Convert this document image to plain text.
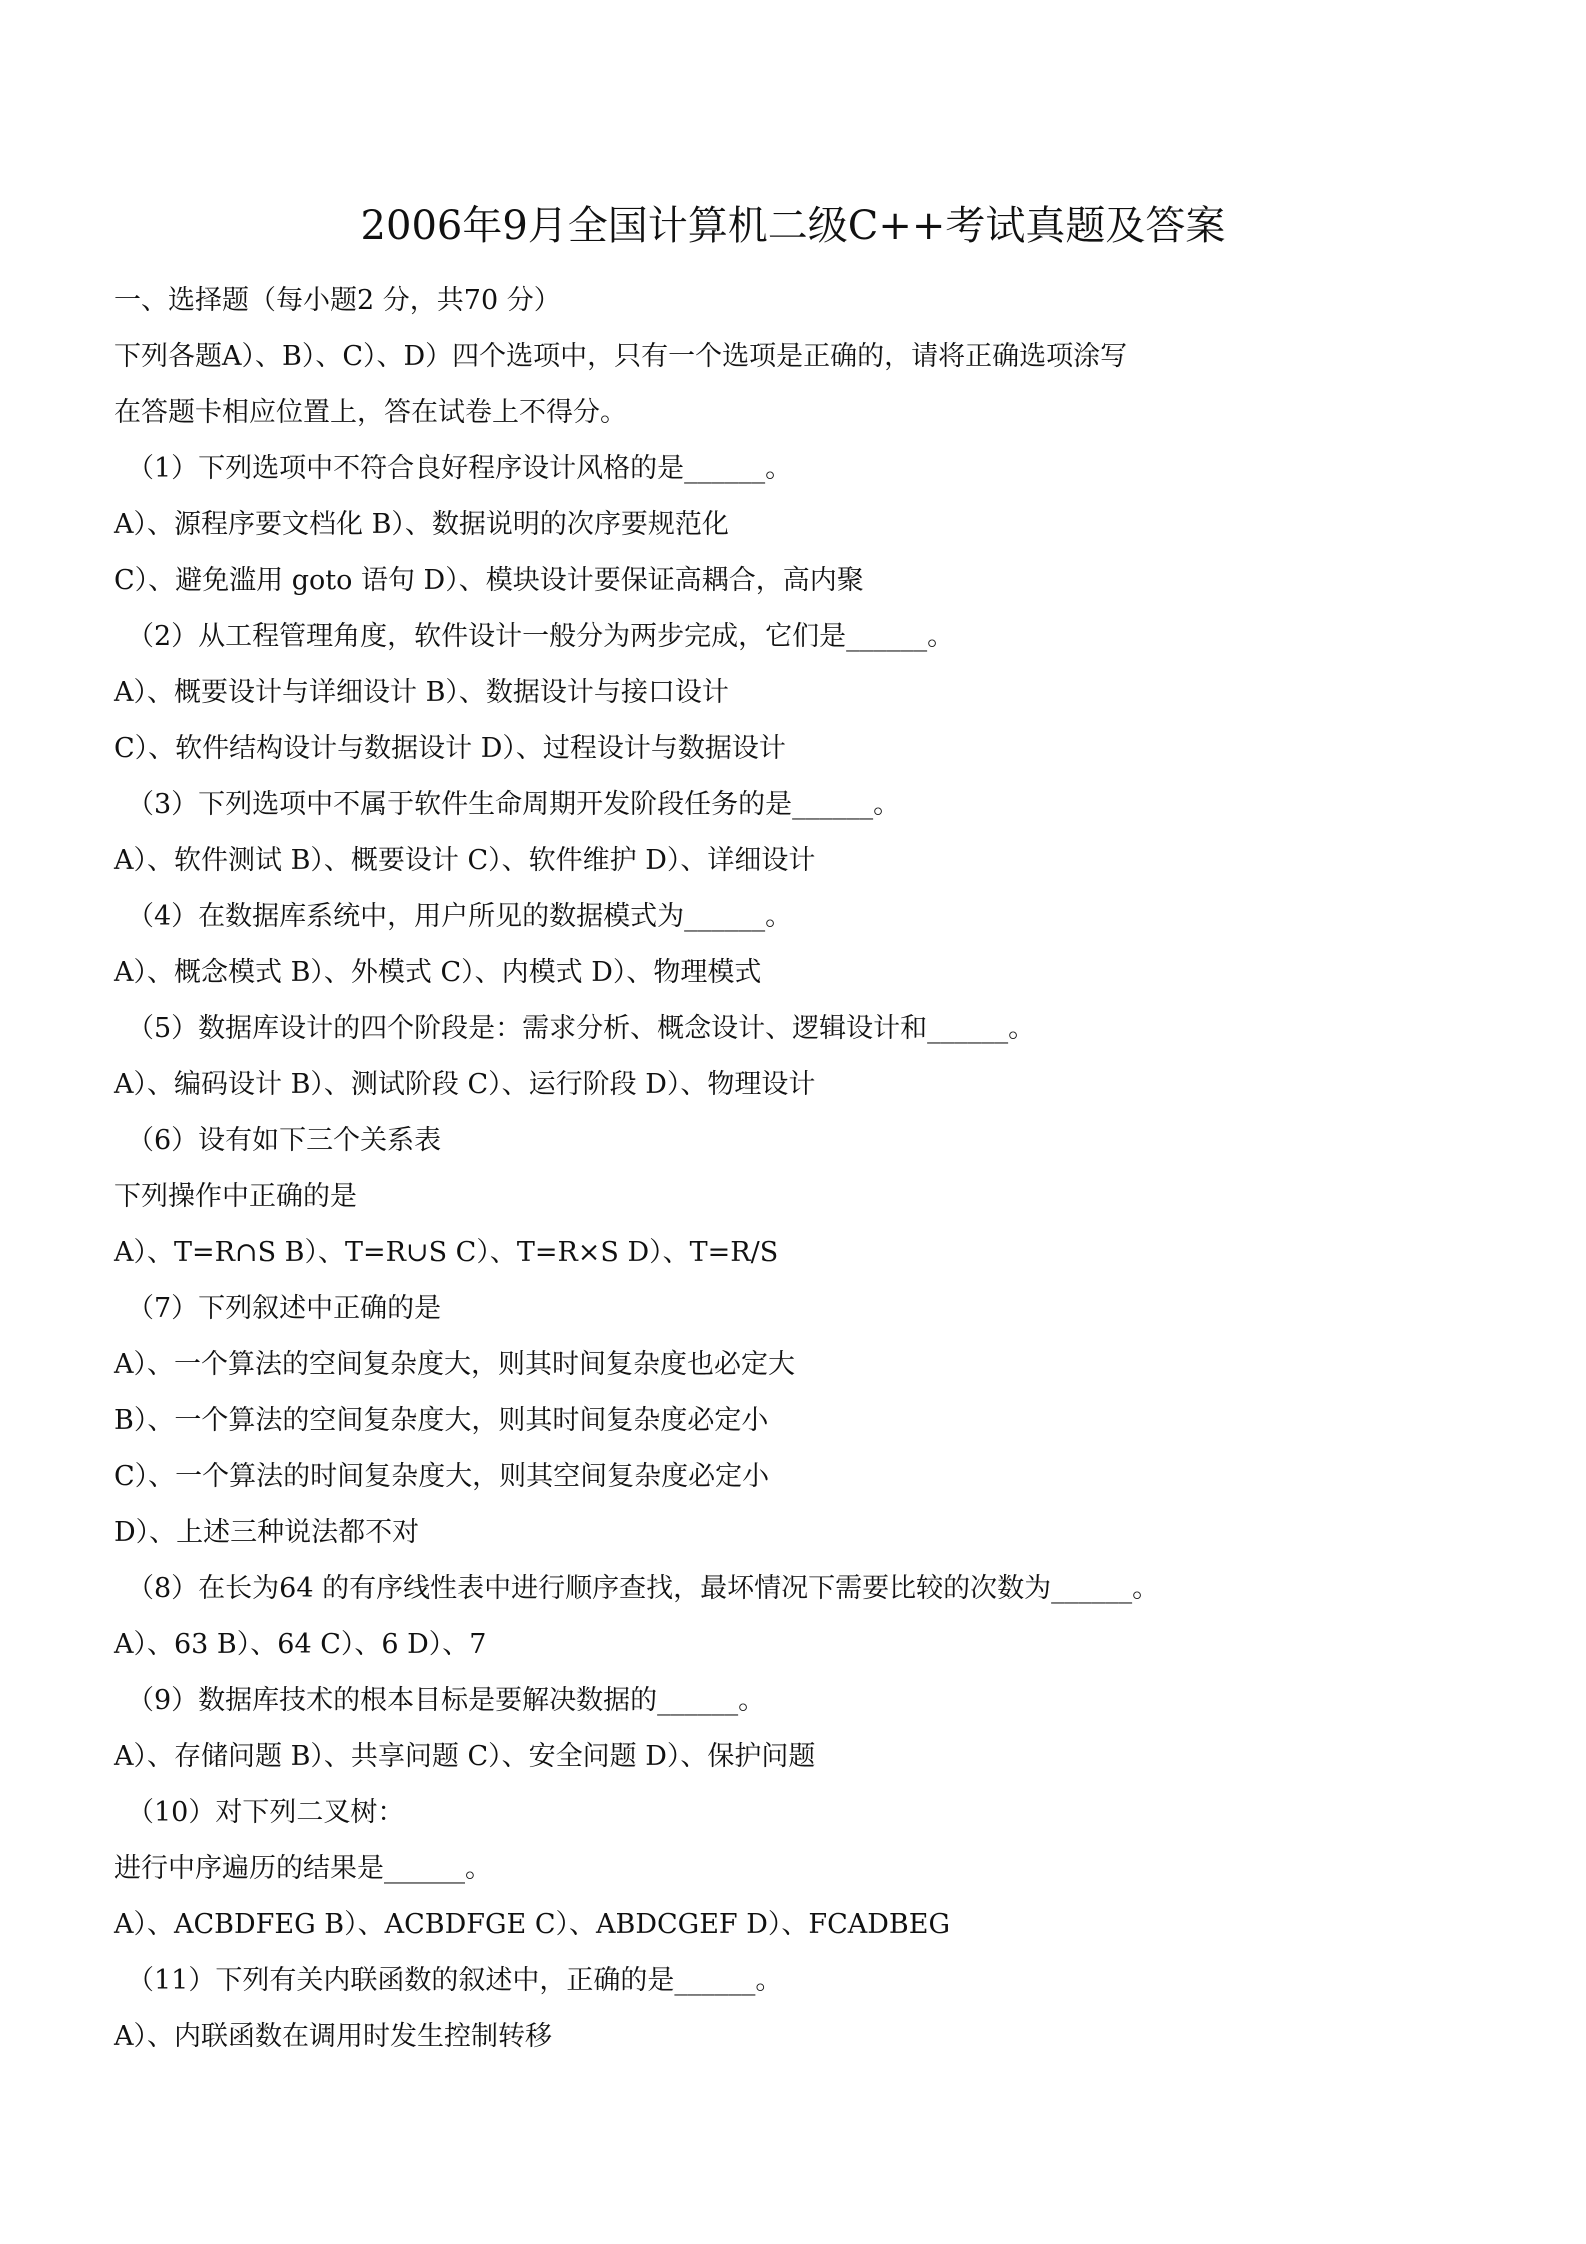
2006年9月全国计算机二级C++考试真题及答案

一、选择题（每小题2 分，共70 分）

下列各题A）、B）、C）、D）四个选项中，只有一个选项是正确的，请将正确选项涂写

在答题卡相应位置上，答在试卷上不得分。

（1）下列选项中不符合良好程序设计风格的是______。

A）、源程序要文档化 B）、数据说明的次序要规范化

C）、避免滥用 goto 语句 D）、模块设计要保证高耦合，高内聚

（2）从工程管理角度，软件设计一般分为两步完成，它们是______。

A）、概要设计与详细设计 B）、数据设计与接口设计

C）、软件结构设计与数据设计 D）、过程设计与数据设计

（3）下列选项中不属于软件生命周期开发阶段任务的是______。

A）、软件测试 B）、概要设计 C）、软件维护 D）、详细设计

（4）在数据库系统中，用户所见的数据模式为______。

A）、概念模式 B）、外模式 C）、内模式 D）、物理模式

（5）数据库设计的四个阶段是：需求分析、概念设计、逻辑设计和______。

A）、编码设计 B）、测试阶段 C）、运行阶段 D）、物理设计

（6）设有如下三个关系表

下列操作中正确的是

A）、T=R∩S B）、T=R∪S C）、T=R×S D）、T=R/S

（7）下列叙述中正确的是

A）、一个算法的空间复杂度大，则其时间复杂度也必定大

B）、一个算法的空间复杂度大，则其时间复杂度必定小

C）、一个算法的时间复杂度大，则其空间复杂度必定小

D）、上述三种说法都不对

（8）在长为64 的有序线性表中进行顺序查找，最坏情况下需要比较的次数为______。

A）、63 B）、64 C）、6 D）、7

（9）数据库技术的根本目标是要解决数据的______。

A）、存储问题 B）、共享问题 C）、安全问题 D）、保护问题

（10）对下列二叉树：

进行中序遍历的结果是______。

A）、ACBDFEG B）、ACBDFGE C）、ABDCGEF D）、FCADBEG

（11）下列有关内联函数的叙述中，正确的是______。

A）、内联函数在调用时发生控制转移
